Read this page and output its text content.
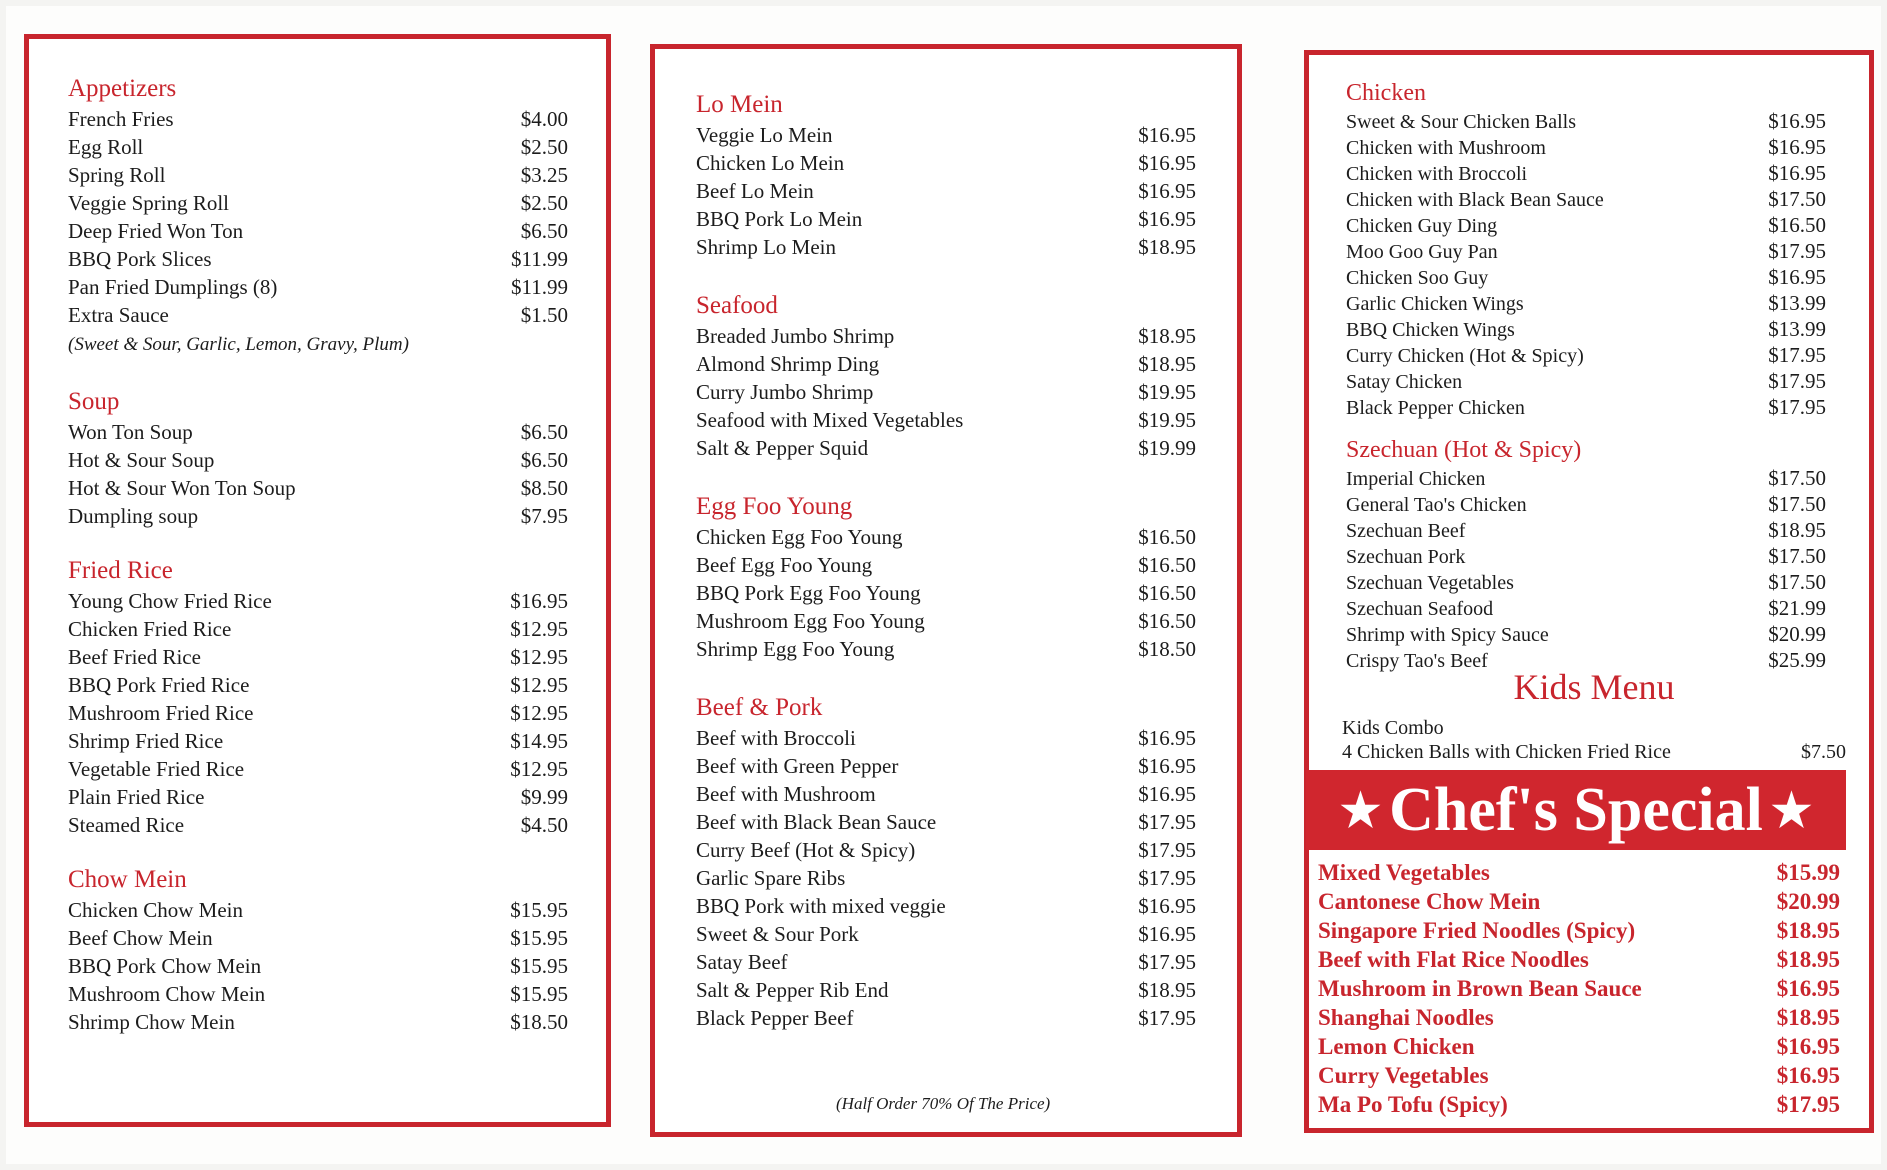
Appetizers
French Fries	$4.00
Egg Roll	$2.50
Spring Roll	$3.25
Veggie Spring Roll	$2.50
Deep Fried Won Ton	$6.50
BBQ Pork Slices	$11.99
Pan Fried Dumplings (8)	$11.99
Extra Sauce	$1.50
(Sweet & Sour, Garlic, Lemon, Gravy, Plum)
Soup
Won Ton Soup	$6.50
Hot & Sour Soup	$6.50
Hot & Sour Won Ton Soup	$8.50
Dumpling soup	$7.95
Fried Rice
Young Chow Fried Rice	$16.95
Chicken Fried Rice	$12.95
Beef Fried Rice	$12.95
BBQ Pork Fried Rice	$12.95
Mushroom Fried Rice	$12.95
Shrimp Fried Rice	$14.95
Vegetable Fried Rice	$12.95
Plain Fried Rice	$9.99
Steamed Rice	$4.50
Chow Mein
Chicken Chow Mein	$15.95
Beef Chow Mein	$15.95
BBQ Pork Chow Mein	$15.95
Mushroom Chow Mein	$15.95
Shrimp Chow Mein	$18.50
Lo Mein
Veggie Lo Mein	$16.95
Chicken Lo Mein	$16.95
Beef Lo Mein	$16.95
BBQ Pork Lo Mein	$16.95
Shrimp Lo Mein	$18.95
Seafood
Breaded Jumbo Shrimp	$18.95
Almond Shrimp Ding	$18.95
Curry Jumbo Shrimp	$19.95
Seafood with Mixed Vegetables	$19.95
Salt & Pepper Squid	$19.99
Egg Foo Young
Chicken Egg Foo Young	$16.50
Beef Egg Foo Young	$16.50
BBQ Pork Egg Foo Young	$16.50
Mushroom Egg Foo Young	$16.50
Shrimp Egg Foo Young	$18.50
Beef & Pork
Beef with Broccoli	$16.95
Beef with Green Pepper	$16.95
Beef with Mushroom	$16.95
Beef with Black Bean Sauce	$17.95
Curry Beef (Hot & Spicy)	$17.95
Garlic Spare Ribs	$17.95
BBQ Pork with mixed veggie	$16.95
Sweet & Sour Pork	$16.95
Satay Beef	$17.95
Salt & Pepper Rib End	$18.95
Black Pepper Beef	$17.95
(Half Order 70% Of The Price)
Chicken
Sweet & Sour Chicken Balls	$16.95
Chicken with Mushroom	$16.95
Chicken with Broccoli	$16.95
Chicken with Black Bean Sauce	$17.50
Chicken Guy Ding	$16.50
Moo Goo Guy Pan	$17.95
Chicken Soo Guy	$16.95
Garlic Chicken Wings	$13.99
BBQ Chicken Wings	$13.99
Curry Chicken (Hot & Spicy)	$17.95
Satay Chicken	$17.95
Black Pepper Chicken	$17.95
Szechuan (Hot & Spicy)
Imperial Chicken	$17.50
General Tao's Chicken	$17.50
Szechuan Beef	$18.95
Szechuan Pork	$17.50
Szechuan Vegetables	$17.50
Szechuan Seafood	$21.99
Shrimp with Spicy Sauce	$20.99
Crispy Tao's Beef	$25.99
Kids Menu
Kids Combo
4 Chicken Balls with Chicken Fried Rice	$7.50
★ Chef's Special ★
Mixed Vegetables	$15.99
Cantonese Chow Mein	$20.99
Singapore Fried Noodles (Spicy)	$18.95
Beef with Flat Rice Noodles	$18.95
Mushroom in Brown Bean Sauce	$16.95
Shanghai Noodles	$18.95
Lemon Chicken	$16.95
Curry Vegetables	$16.95
Ma Po Tofu (Spicy)	$17.95
